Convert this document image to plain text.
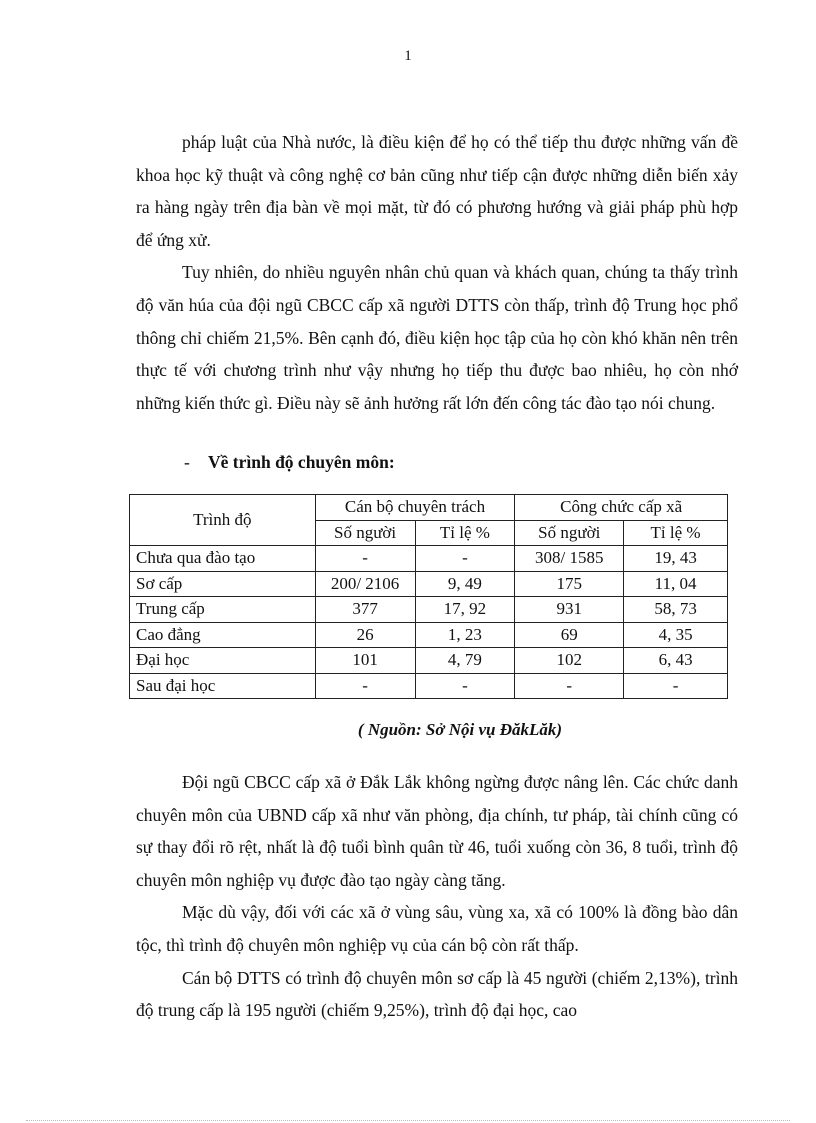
1

pháp luật của Nhà nước, là điều kiện để họ có thể tiếp thu được những vấn đề khoa học kỹ thuật và công nghệ cơ bản cũng như tiếp cận được những diễn biến xảy ra hàng ngày trên địa bàn về mọi mặt, từ đó có phương hướng và giải pháp phù hợp để ứng xử.

Tuy nhiên, do nhiều nguyên nhân chủ quan và khách quan, chúng ta thấy trình độ văn húa của đội ngũ CBCC cấp xã người DTTS còn thấp, trình độ Trung học phổ thông chỉ chiếm 21,5%. Bên cạnh đó, điều kiện học tập của họ còn khó khăn nên trên thực tế với chương trình như vậy nhưng họ tiếp thu được bao nhiêu, họ còn nhớ những kiến thức gì. Điều này sẽ ảnh hưởng rất lớn đến công tác đào tạo nói chung.

- Về trình độ chuyên môn:
Trình độ	Cán bộ chuyên trách		Công chức cấp xã	
	Số người	Tỉ lệ %	Số người	Tỉ lệ %
Chưa qua đào tạo	-	-	308/ 1585	19, 43
Sơ cấp	200/ 2106	9, 49	175	11, 04
Trung cấp	377	17, 92	931	58, 73
Cao đẳng	26	1, 23	69	4, 35
Đại học	101	4, 79	102	6, 43
Sau đại học	-	-	-	-
( Nguồn: Sở Nội vụ ĐăkLăk)

Đội ngũ CBCC cấp xã ở Đắk Lắk không ngừng được nâng lên. Các chức danh chuyên môn của UBND cấp xã như văn phòng, địa chính, tư pháp, tài chính cũng có sự thay đổi rõ rệt, nhất là độ tuổi bình quân từ 46, tuổi xuống còn 36, 8 tuổi, trình độ chuyên môn nghiệp vụ được đào tạo ngày càng tăng.

Mặc dù vậy, đối với các xã ở vùng sâu, vùng xa, xã có 100% là đồng bào dân tộc, thì trình độ chuyên môn nghiệp vụ của cán bộ còn rất thấp.

Cán bộ DTTS có trình độ chuyên môn sơ cấp là 45 người (chiếm 2,13%), trình độ trung cấp là 195 người (chiếm 9,25%), trình độ đại học, cao
